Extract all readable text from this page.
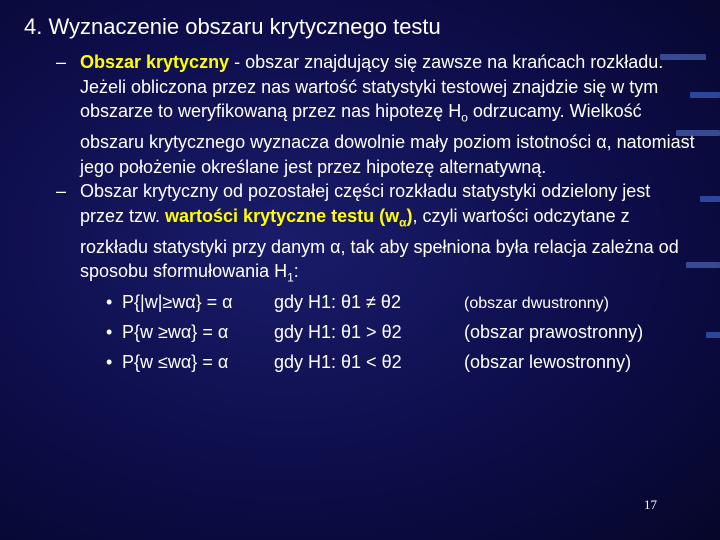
4. Wyznaczenie obszaru krytycznego testu
– Obszar krytyczny - obszar znajdujący się zawsze na krańcach rozkładu. Jeżeli obliczona przez nas wartość statystyki testowej znajdzie się w tym obszarze to weryfikowaną przez nas hipotezę $H_o$ odrzucamy. Wielkość obszaru krytycznego wyznacza dowolnie mały poziom istotności α, natomiast jego położenie określane jest przez hipotezę alternatywną.
– Obszar krytyczny od pozostałej części rozkładu statystyki odzielony jest przez tzw. wartości krytyczne testu $(w_\alpha)$, czyli wartości odczytane z rozkładu statystyki przy danym α, tak aby spełniona była relacja zależna od sposobu sformułowania $H_1$:
• P{|w|≥wα} = α gdy H1: θ1 ≠ θ2	(obszar dwustronny)
• P{w ≥wα} = α	gdy H1: θ1 > θ2	(obszar prawostronny)
• P{w ≤wα} = α	gdy H1: θ1 < θ2	(obszar lewostronny)
17
